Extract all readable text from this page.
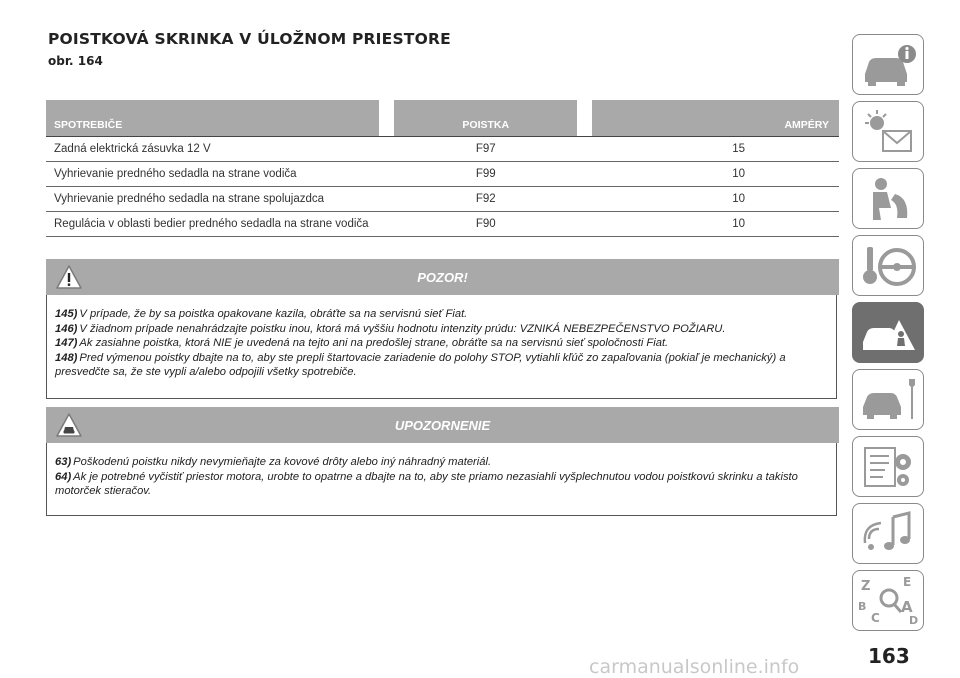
POISTKOVÁ SKRINKA V ÚLOŽNOM PRIESTORE
obr. 164
SPOTREBIČE		POISTKA		AMPÉRY
Zadná elektrická zásuvka 12 V		F97		15
Vyhrievanie predného sedadla na strane vodiča		F99		10
Vyhrievanie predného sedadla na strane spolujazdca		F92		10
Regulácia v oblasti bedier predného sedadla na strane vodiča		F90		10
POZOR!

145) V prípade, že by sa poistka opakovane kazila, obráťte sa na servisnú sieť Fiat.

146) V žiadnom prípade nenahrádzajte poistku inou, ktorá má vyššiu hodnotu intenzity prúdu: VZNIKÁ NEBEZPEČENSTVO POŽIARU.

147) Ak zasiahne poistka, ktorá NIE je uvedená na tejto ani na predošlej strane, obráťte sa na servisnú sieť spoločnosti Fiat.

148) Pred výmenou poistky dbajte na to, aby ste prepli štartovacie zariadenie do polohy STOP, vytiahli kľúč zo zapaľovania (pokiaľ je mechanický) a presvedčte sa, že ste vypli a/alebo odpojili všetky spotrebiče.

UPOZORNENIE

63) Poškodenú poistku nikdy nevymieňajte za kovové drôty alebo iný náhradný materiál.

64) Ak je potrebné vyčistiť priestor motora, urobte to opatrne a dbajte na to, aby ste priamo nezasiahli vyšplechnutou vodou poistkovú skrinku a takisto motorček stieračov.

Z	E
B
C
A
D
163
carmanualsonline.info
